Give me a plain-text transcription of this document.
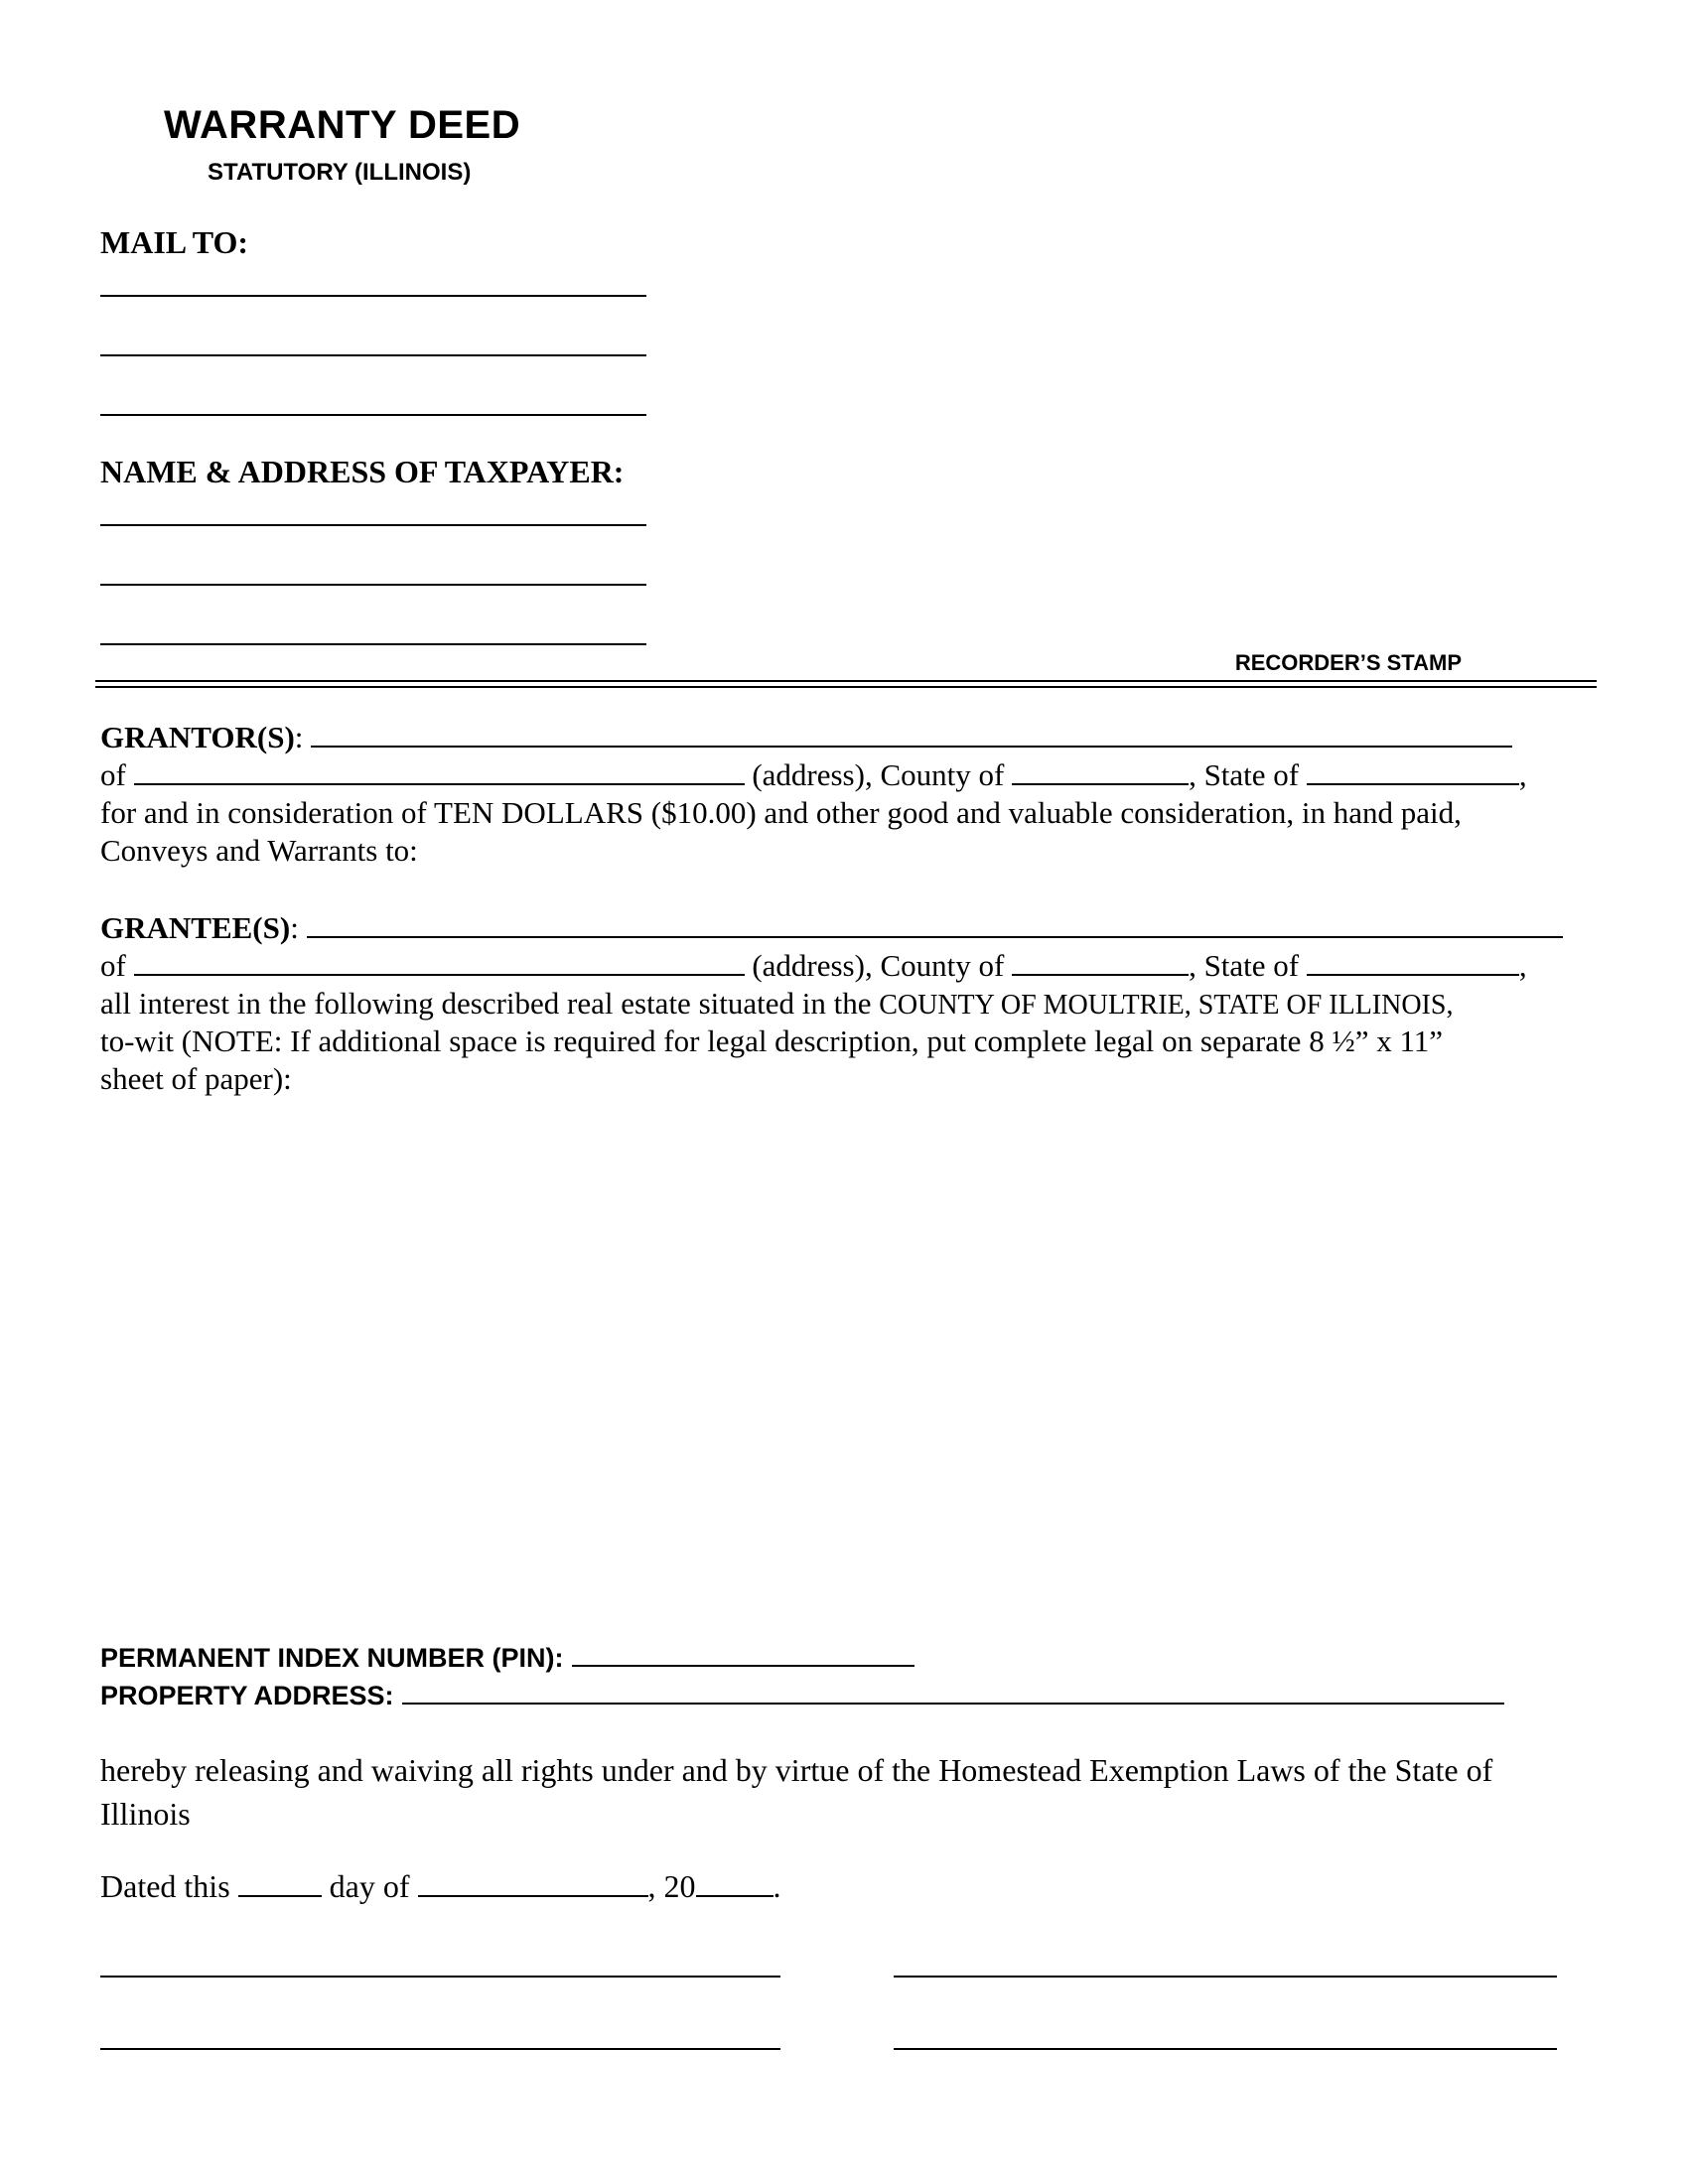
WARRANTY DEED
STATUTORY (ILLINOIS)
MAIL TO:
NAME & ADDRESS OF TAXPAYER:
RECORDER’S STAMP
GRANTOR(S):
of	(address), County of	, State of	,
for and in consideration of TEN DOLLARS ($10.00) and other good and valuable consideration, in hand paid,
Conveys and Warrants to:
GRANTEE(S):
of	(address), County of	, State of	,
all interest in the following described real estate situated in the COUNTY OF MOULTRIE, STATE OF ILLINOIS,
to-wit (NOTE: If additional space is required for legal description, put complete legal on separate 8 ½” x 11”
sheet of paper):
PERMANENT INDEX NUMBER (PIN):
PROPERTY ADDRESS:
hereby releasing and waiving all rights under and by virtue of the Homestead Exemption Laws of the State of
Illinois
Dated this	day of	, 20 .
